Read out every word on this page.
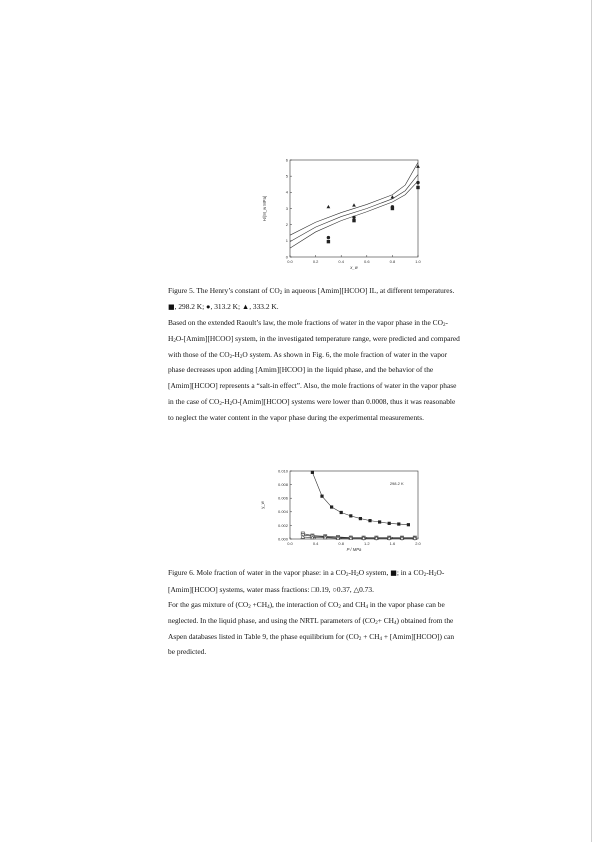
0.0	0.2	0.4	0.6	0.8	1.0
0
1
2
3
4
5
6
x_w
H/(M_w MPa)

Figure 5. The Henry’s constant of $CO_2$ in aqueous [Amim][HCOO] IL, at different temperatures.
■, 298.2 K; ●, 313.2 K; ▲, 333.2 K.

Based on the extended Raoult’s law, the mole fractions of water in the vapor phase in the $CO_2-$
$H_2O-[Amim][HCOO]$ system, in the investigated temperature range, were predicted and compared
with those of the $CO_2-H_2O$ system. As shown in Fig. 6, the mole fraction of water in the vapor
phase decreases upon adding [Amim][HCOO] in the liquid phase, and the behavior of the
[Amim][HCOO] represents a “salt-in effect”. Also, the mole fractions of water in the vapor phase
in the case of $CO_2-H_2O-[Amim][HCOO]$ systems were lower than 0.0008, thus it was reasonable
to neglect the water content in the vapor phase during the experimental measurements.

0.0	0.4	0.8	1.2	1.6	2.0
0.000
0.002
0.004
0.006
0.008
0.010
P / MPa
y_w
298.2 K

Figure 6. Mole fraction of water in the vapor phase: in a $CO_2-H_2O$ system, ■; in a $CO_2-H_2O-$
[Amim][HCOO] systems, water mass fractions: □0.19, ○0.37, △0.73.

For the gas mixture of $(CO_2 +CH_4)$, the interaction of $CO_2$ and $CH_4$ in the vapor phase can be
neglected. In the liquid phase, and using the NRTL parameters of $(CO_2+ CH_4)$ obtained from the
Aspen databases listed in Table 9, the phase equilibrium for ($CO_2 + CH_4$ + [Amim][HCOO]) can
be predicted.
